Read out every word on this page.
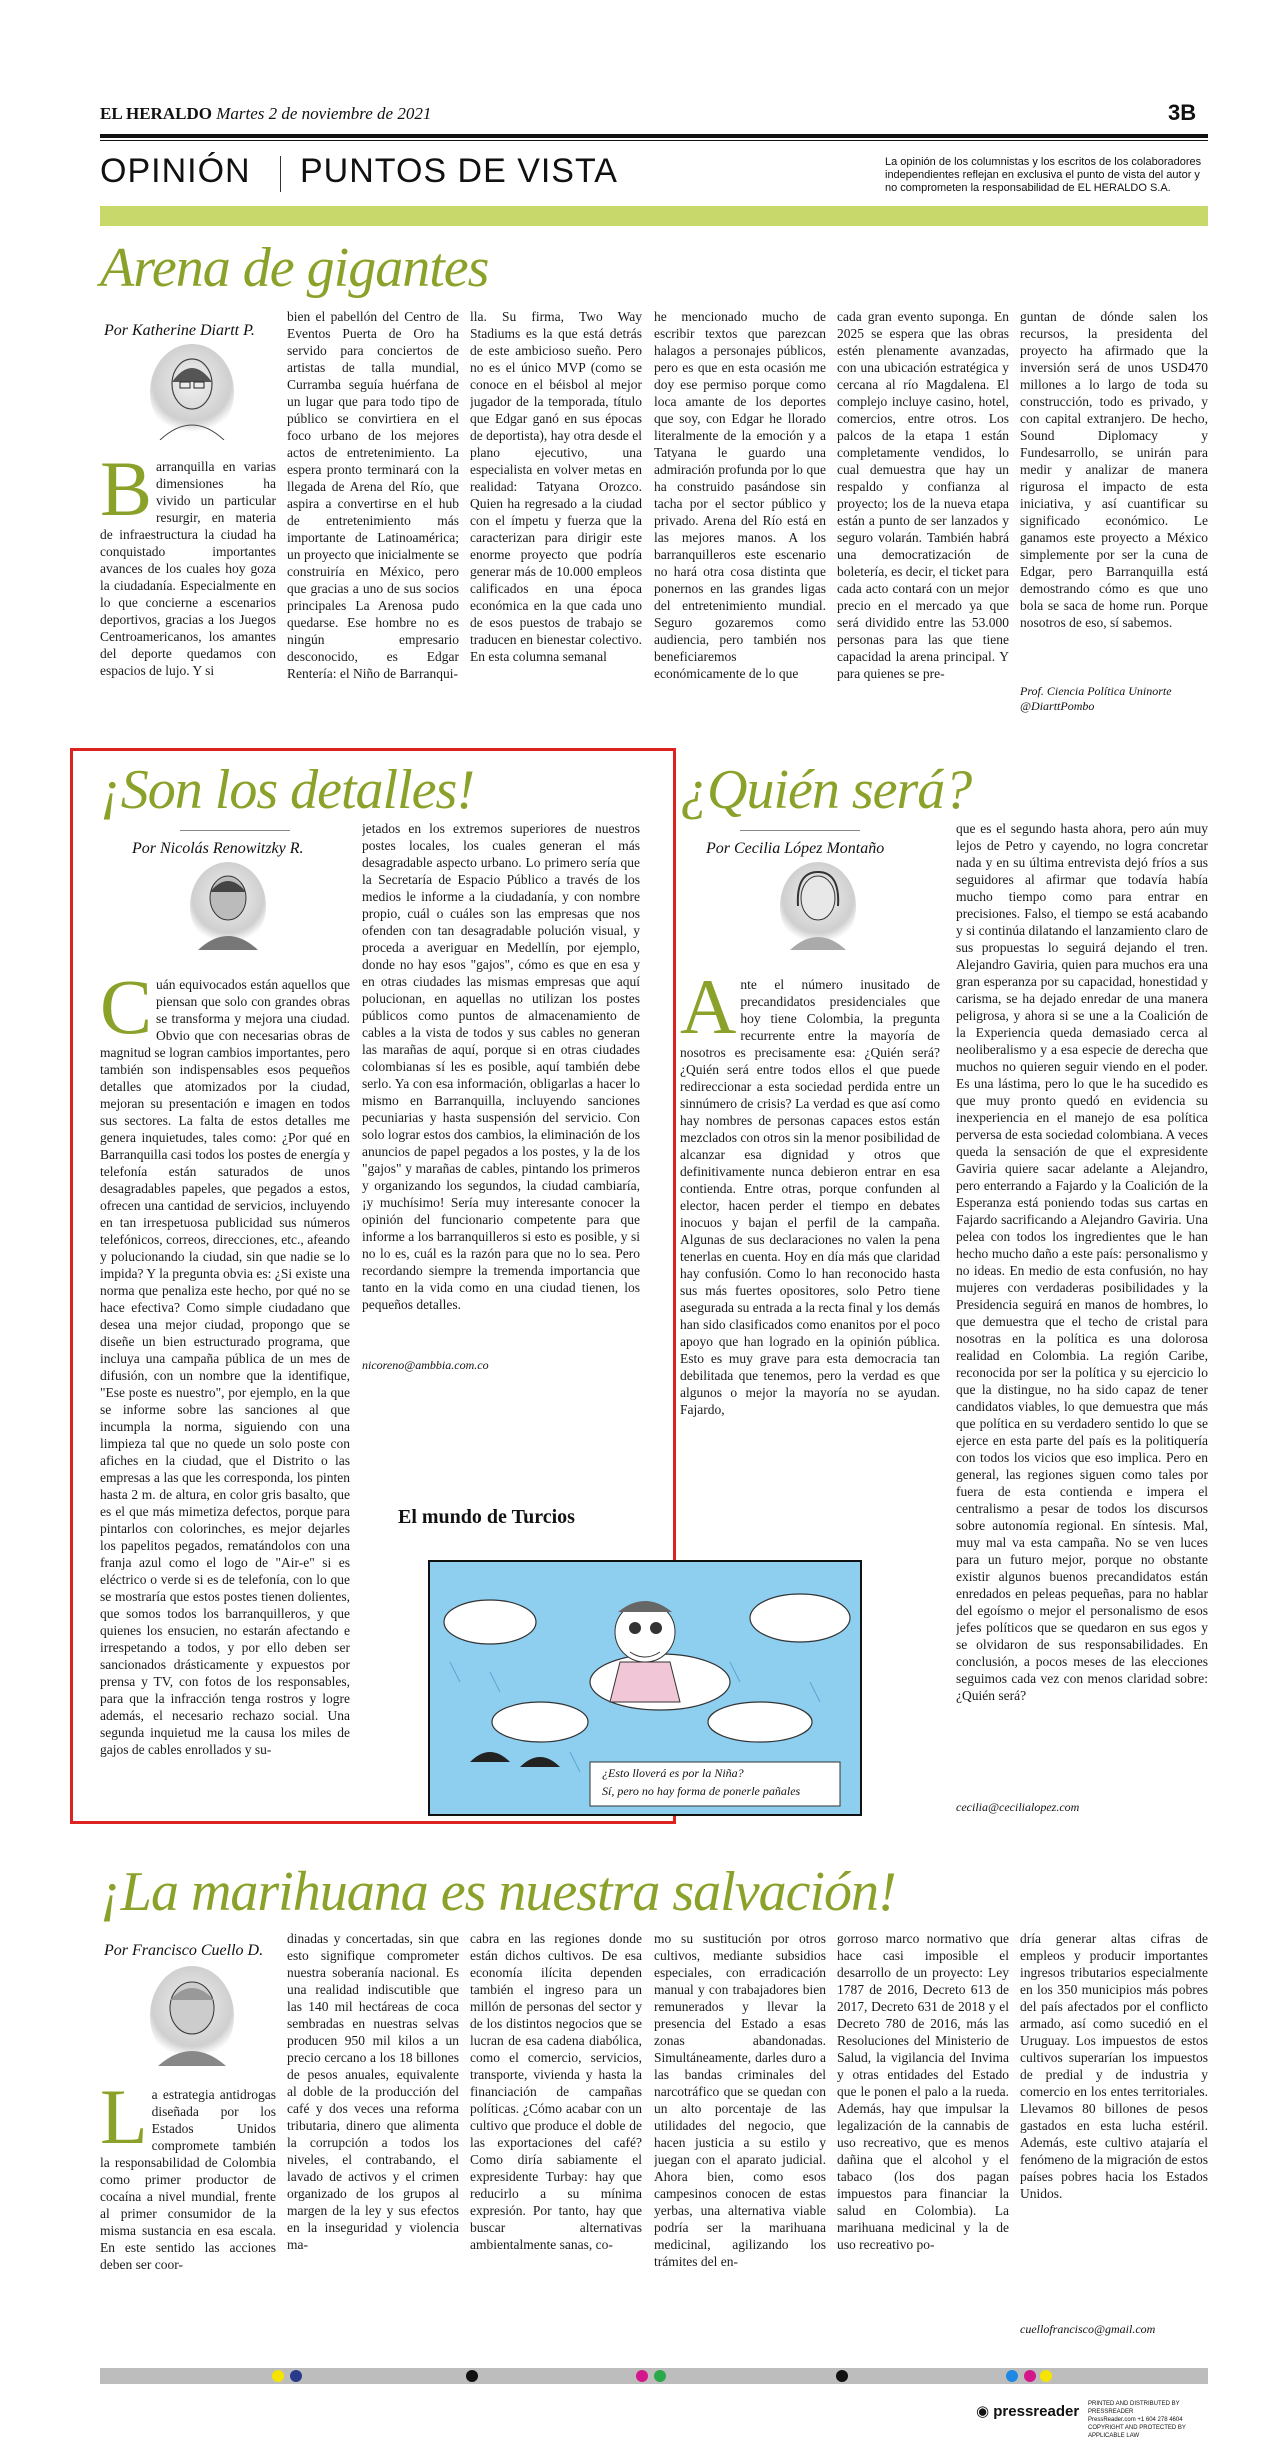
EL HERALDO Martes 2 de noviembre de 2021	3B
OPINIÓN PUNTOS DE VISTA	La opinión de los columnistas y los escritos de los colaboradores independientes reflejan en exclusiva el punto de vista del autor y no comprometen la responsabilidad de EL HERALDO S.A.
Arena de gigantes
Por Katherine Diartt P.
Barranquilla en varias dimensiones ha vivido un particular resurgir, en materia de infraestructura la ciudad ha conquistado importantes avances de los cuales hoy goza la ciudadanía. Especialmente en lo que concierne a escenarios deportivos, gracias a los Juegos Centroamericanos, los amantes del deporte quedamos con espacios de lujo. Y si
bien el pabellón del Centro de Eventos Puerta de Oro ha servido para conciertos de artistas de talla mundial, Curramba seguía huérfana de un lugar que para todo tipo de público se convirtiera en el foco urbano de los mejores actos de entretenimiento. La espera pronto terminará con la llegada de Arena del Río, que aspira a convertirse en el hub de entretenimiento más importante de Latinoamérica; un proyecto que inicialmente se construiría en México, pero que gracias a uno de sus socios principales La Arenosa pudo quedarse. Ese hombre no es ningún empresario desconocido, es Edgar Rentería: el Niño de Barranqui-
lla. Su firma, Two Way Stadiums es la que está detrás de este ambicioso sueño. Pero no es el único MVP (como se conoce en el béisbol al mejor jugador de la temporada, título que Edgar ganó en sus épocas de deportista), hay otra desde el plano ejecutivo, una especialista en volver metas en realidad: Tatyana Orozco. Quien ha regresado a la ciudad con el ímpetu y fuerza que la caracterizan para dirigir este enorme proyecto que podría generar más de 10.000 empleos calificados en una época económica en la que cada uno de esos puestos de trabajo se traducen en bienestar colectivo. En esta columna semanal
he mencionado mucho de escribir textos que parezcan halagos a personajes públicos, pero es que en esta ocasión me doy ese permiso porque como loca amante de los deportes que soy, con Edgar he llorado literalmente de la emoción y a Tatyana le guardo una admiración profunda por lo que ha construido pasándose sin tacha por el sector público y privado. Arena del Río está en las mejores manos. A los barranquilleros este escenario no hará otra cosa distinta que ponernos en las grandes ligas del entretenimiento mundial. Seguro gozaremos como audiencia, pero también nos beneficiaremos económicamente de lo que
cada gran evento suponga. En 2025 se espera que las obras estén plenamente avanzadas, con una ubicación estratégica y cercana al río Magdalena. El complejo incluye casino, hotel, comercios, entre otros. Los palcos de la etapa 1 están completamente vendidos, lo cual demuestra que hay un respaldo y confianza al proyecto; los de la nueva etapa están a punto de ser lanzados y seguro volarán. También habrá una democratización de boletería, es decir, el ticket para cada acto contará con un mejor precio en el mercado ya que será dividido entre las 53.000 personas para las que tiene capacidad la arena principal. Y para quienes se pre-
guntan de dónde salen los recursos, la presidenta del proyecto ha afirmado que la inversión será de unos USD470 millones a lo largo de toda su construcción, todo es privado, y con capital extranjero. De hecho, Sound Diplomacy y Fundesarrollo, se unirán para medir y analizar de manera rigurosa el impacto de esta iniciativa, y así cuantificar su significado económico. Le ganamos este proyecto a México simplemente por ser la cuna de Edgar, pero Barranquilla está demostrando cómo es que uno bola se saca de home run. Porque nosotros de eso, sí sabemos.
Prof. Ciencia Política Uninorte @DiarttPombo
¡Son los detalles!
Por Nicolás Renowitzky R.
Cuán equivocados están aquellos que piensan que solo con grandes obras se transforma y mejora una ciudad. Obvio que con necesarias obras de magnitud se logran cambios importantes, pero también son indispensables esos pequeños detalles que atomizados por la ciudad, mejoran su presentación e imagen en todos sus sectores. La falta de estos detalles me genera inquietudes, tales como: ¿Por qué en Barranquilla casi todos los postes de energía y telefonía están saturados de unos desagradables papeles, que pegados a estos, ofrecen una cantidad de servicios, incluyendo en tan irrespetuosa publicidad sus números telefónicos, correos, direcciones, etc., afeando y polucionando la ciudad, sin que nadie se lo impida? Y la pregunta obvia es: ¿Si existe una norma que penaliza este hecho, por qué no se hace efectiva? Como simple ciudadano que desea una mejor ciudad, propongo que se diseñe un bien estructurado programa, que incluya una campaña pública de un mes de difusión, con un nombre que la identifique, "Ese poste es nuestro", por ejemplo, en la que se informe sobre las sanciones al que incumpla la norma, siguiendo con una limpieza tal que no quede un solo poste con afiches en la ciudad, que el Distrito o las empresas a las que les corresponda, los pinten hasta 2 m. de altura, en color gris basalto, que es el que más mimetiza defectos, porque para pintarlos con colorinches, es mejor dejarles los papelitos pegados, rematándolos con una franja azul como el logo de "Air-e" si es eléctrico o verde si es de telefonía, con lo que se mostraría que estos postes tienen dolientes, que somos todos los barranquilleros, y que quienes los ensucien, no estarán afectando e irrespetando a todos, y por ello deben ser sancionados drásticamente y expuestos por prensa y TV, con fotos de los responsables, para que la infracción tenga rostros y logre además, el necesario rechazo social. Una segunda inquietud me la causa los miles de gajos de cables enrollados y su-
jetados en los extremos superiores de nuestros postes locales, los cuales generan el más desagradable aspecto urbano. Lo primero sería que la Secretaría de Espacio Público a través de los medios le informe a la ciudadanía, y con nombre propio, cuál o cuáles son las empresas que nos ofenden con tan desagradable polución visual, y proceda a averiguar en Medellín, por ejemplo, donde no hay esos "gajos", cómo es que en esa y en otras ciudades las mismas empresas que aquí polucionan, en aquellas no utilizan los postes públicos como puntos de almacenamiento de cables a la vista de todos y sus cables no generan las marañas de aquí, porque si en otras ciudades colombianas sí les es posible, aquí también debe serlo. Ya con esa información, obligarlas a hacer lo mismo en Barranquilla, incluyendo sanciones pecuniarias y hasta suspensión del servicio. Con solo lograr estos dos cambios, la eliminación de los anuncios de papel pegados a los postes, y la de los "gajos" y marañas de cables, pintando los primeros y organizando los segundos, la ciudad cambiaría, ¡y muchísimo! Sería muy interesante conocer la opinión del funcionario competente para que informe a los barranquilleros si esto es posible, y si no lo es, cuál es la razón para que no lo sea. Pero recordando siempre la tremenda importancia que tanto en la vida como en una ciudad tienen, los pequeños detalles.
nicoreno@ambbia.com.co
¿Quién será?
Por Cecilia López Montaño
Ante el número inusitado de precandidatos presidenciales que hoy tiene Colombia, la pregunta recurrente entre la mayoría de nosotros es precisamente esa: ¿Quién será? ¿Quién será entre todos ellos el que puede redireccionar a esta sociedad perdida entre un sinnúmero de crisis? La verdad es que así como hay nombres de personas capaces estos están mezclados con otros sin la menor posibilidad de alcanzar esa dignidad y otros que definitivamente nunca debieron entrar en esa contienda. Entre otras, porque confunden al elector, hacen perder el tiempo en debates inocuos y bajan el perfil de la campaña. Algunas de sus declaraciones no valen la pena tenerlas en cuenta. Hoy en día más que claridad hay confusión. Como lo han reconocido hasta sus más fuertes opositores, solo Petro tiene asegurada su entrada a la recta final y los demás han sido clasificados como enanitos por el poco apoyo que han logrado en la opinión pública. Esto es muy grave para esta democracia tan debilitada que tenemos, pero la verdad es que algunos o mejor la mayoría no se ayudan. Fajardo,
que es el segundo hasta ahora, pero aún muy lejos de Petro y cayendo, no logra concretar nada y en su última entrevista dejó fríos a sus seguidores al afirmar que todavía había mucho tiempo como para entrar en precisiones. Falso, el tiempo se está acabando y si continúa dilatando el lanzamiento claro de sus propuestas lo seguirá dejando el tren. Alejandro Gaviria, quien para muchos era una gran esperanza por su capacidad, honestidad y carisma, se ha dejado enredar de una manera peligrosa, y ahora si se une a la Coalición de la Experiencia queda demasiado cerca al neoliberalismo y a esa especie de derecha que muchos no quieren seguir viendo en el poder. Es una lástima, pero lo que le ha sucedido es que muy pronto quedó en evidencia su inexperiencia en el manejo de esa política perversa de esta sociedad colombiana. A veces queda la sensación de que el expresidente Gaviria quiere sacar adelante a Alejandro, pero enterrando a Fajardo y la Coalición de la Esperanza está poniendo todas sus cartas en Fajardo sacrificando a Alejandro Gaviria. Una pelea con todos los ingredientes que le han hecho mucho daño a este país: personalismo y no ideas. En medio de esta confusión, no hay mujeres con verdaderas posibilidades y la Presidencia seguirá en manos de hombres, lo que demuestra que el techo de cristal para nosotras en la política es una dolorosa realidad en Colombia. La región Caribe, reconocida por ser la política y su ejercicio lo que la distingue, no ha sido capaz de tener candidatos viables, lo que demuestra que más que política en su verdadero sentido lo que se ejerce en esta parte del país es la politiquería con todos los vicios que eso implica. Pero en general, las regiones siguen como tales por fuera de esta contienda e impera el centralismo a pesar de todos los discursos sobre autonomía regional. En síntesis. Mal, muy mal va esta campaña. No se ven luces para un futuro mejor, porque no obstante existir algunos buenos precandidatos están enredados en peleas pequeñas, para no hablar del egoísmo o mejor el personalismo de esos jefes políticos que se quedaron en sus egos y se olvidaron de sus responsabilidades. En conclusión, a pocos meses de las elecciones seguimos cada vez con menos claridad sobre: ¿Quién será?
cecilia@cecilialopez.com
El mundo de Turcios
¿Esto lloverá es por la Niña?
Sí, pero no hay forma de ponerle pañales
¡La marihuana es nuestra salvación!
Por Francisco Cuello D.
La estrategia antidrogas diseñada por los Estados Unidos compromete también la responsabilidad de Colombia como primer productor de cocaína a nivel mundial, frente al primer consumidor de la misma sustancia en esa escala. En este sentido las acciones deben ser coor-
dinadas y concertadas, sin que esto signifique comprometer nuestra soberanía nacional. Es una realidad indiscutible que las 140 mil hectáreas de coca sembradas en nuestras selvas producen 950 mil kilos a un precio cercano a los 18 billones de pesos anuales, equivalente al doble de la producción del café y dos veces una reforma tributaria, dinero que alimenta la corrupción a todos los niveles, el contrabando, el lavado de activos y el crimen organizado de los grupos al margen de la ley y sus efectos en la inseguridad y violencia ma-
cabra en las regiones donde están dichos cultivos. De esa economía ilícita dependen también el ingreso para un millón de personas del sector y de los distintos negocios que se lucran de esa cadena diabólica, como el comercio, servicios, transporte, vivienda y hasta la financiación de campañas políticas. ¿Cómo acabar con un cultivo que produce el doble de las exportaciones del café? Como diría sabiamente el expresidente Turbay: hay que reducirlo a su mínima expresión. Por tanto, hay que buscar alternativas ambientalmente sanas, co-
mo su sustitución por otros cultivos, mediante subsidios especiales, con erradicación manual y con trabajadores bien remunerados y llevar la presencia del Estado a esas zonas abandonadas. Simultáneamente, darles duro a las bandas criminales del narcotráfico que se quedan con un alto porcentaje de las utilidades del negocio, que hacen justicia a su estilo y juegan con el aparato judicial. Ahora bien, como esos campesinos conocen de estas yerbas, una alternativa viable podría ser la marihuana medicinal, agilizando los trámites del en-
gorroso marco normativo que hace casi imposible el desarrollo de un proyecto: Ley 1787 de 2016, Decreto 613 de 2017, Decreto 631 de 2018 y el Decreto 780 de 2016, más las Resoluciones del Ministerio de Salud, la vigilancia del Invima y otras entidades del Estado que le ponen el palo a la rueda. Además, hay que impulsar la legalización de la cannabis de uso recreativo, que es menos dañina que el alcohol y el tabaco (los dos pagan impuestos para financiar la salud en Colombia). La marihuana medicinal y la de uso recreativo po-
dría generar altas cifras de empleos y producir importantes ingresos tributarios especialmente en los 350 municipios más pobres del país afectados por el conflicto armado, así como sucedió en el Uruguay. Los impuestos de estos cultivos superarían los impuestos de predial y de industria y comercio en los entes territoriales. Llevamos 80 billones de pesos gastados en esta lucha estéril. Además, este cultivo atajaría el fenómeno de la migración de estos países pobres hacia los Estados Unidos.
cuellofrancisco@gmail.com
◉ pressreader PRINTED AND DISTRIBUTED BY PRESSREADER
PressReader.com +1 604 278 4604
COPYRIGHT AND PROTECTED BY APPLICABLE LAW
